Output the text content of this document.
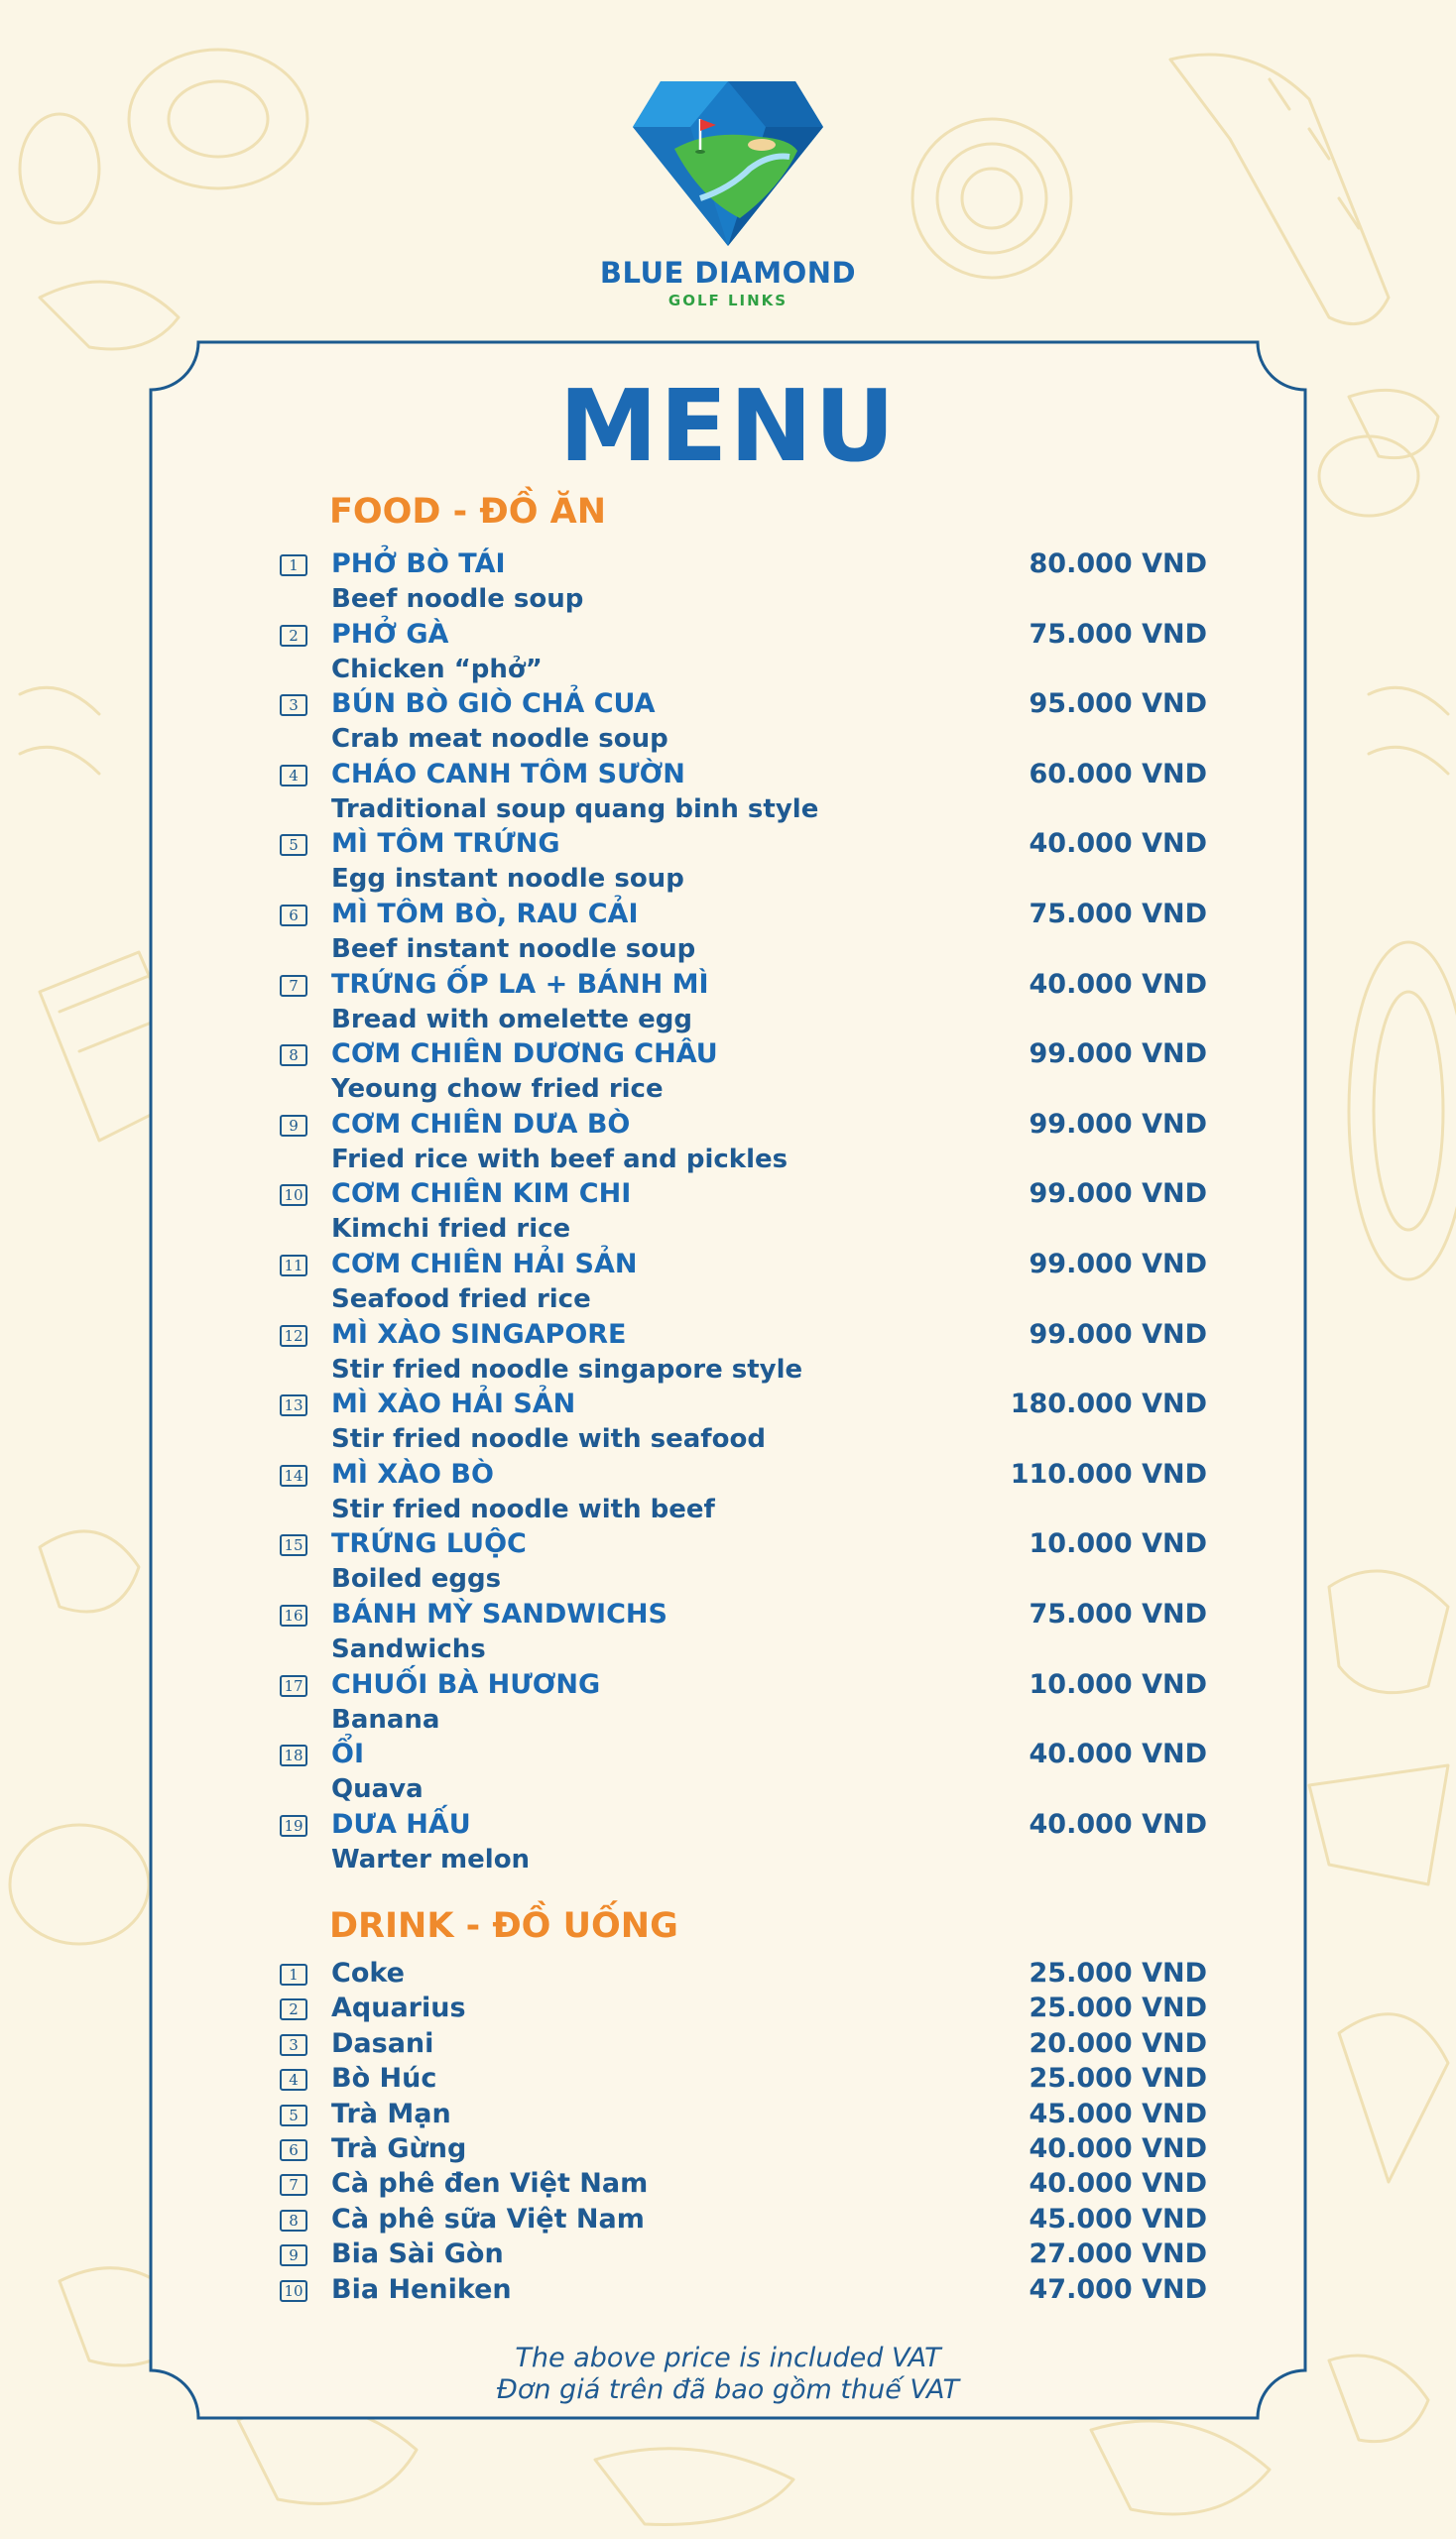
BLUE DIAMOND
GOLF LINKS
MENU
FOOD - ĐỒ ĂN
1	PHỞ BÒ TÁI
Beef noodle soup
80.000 VND
2	PHỞ GÀ
Chicken “phở”
75.000 VND
3	BÚN BÒ GIÒ CHẢ CUA
Crab meat noodle soup
95.000 VND
4	CHÁO CANH TÔM SƯỜN
Traditional soup quang binh style
60.000 VND
5	MÌ TÔM TRỨNG
Egg instant noodle soup
40.000 VND
6	MÌ TÔM BÒ, RAU CẢI
Beef instant noodle soup
75.000 VND
7	TRỨNG ỐP LA + BÁNH MÌ
Bread with omelette egg
40.000 VND
8	CƠM CHIÊN DƯƠNG CHÂU
Yeoung chow fried rice
99.000 VND
9	CƠM CHIÊN DƯA BÒ
Fried rice with beef and pickles
99.000 VND
10 CƠM CHIÊN KIM CHI
Kimchi fried rice
99.000 VND
11 CƠM CHIÊN HẢI SẢN
Seafood fried rice
99.000 VND
12 MÌ XÀO SINGAPORE
Stir fried noodle singapore style
99.000 VND
13 MÌ XÀO HẢI SẢN
Stir fried noodle with seafood
180.000 VND
14 MÌ XÀO BÒ
Stir fried noodle with beef
110.000 VND
15 TRỨNG LUỘC
Boiled eggs
10.000 VND
16 BÁNH MỲ SANDWICHS
Sandwichs
75.000 VND
17 CHUỐI BÀ HƯƠNG
Banana
10.000 VND
18 ỔI
Quava
40.000 VND
19 DƯA HẤU
Warter melon
40.000 VND
DRINK - ĐỒ UỐNG
1	Coke	25.000 VND
2	Aquarius	25.000 VND
3	Dasani	20.000 VND
4	Bò Húc	25.000 VND
5	Trà Mạn	45.000 VND
6	Trà Gừng	40.000 VND
7	Cà phê đen Việt Nam	40.000 VND
8	Cà phê sữa Việt Nam	45.000 VND
9	Bia Sài Gòn	27.000 VND
10 Bia Heniken	47.000 VND
The above price is included VAT
Đơn giá trên đã bao gồm thuế VAT
